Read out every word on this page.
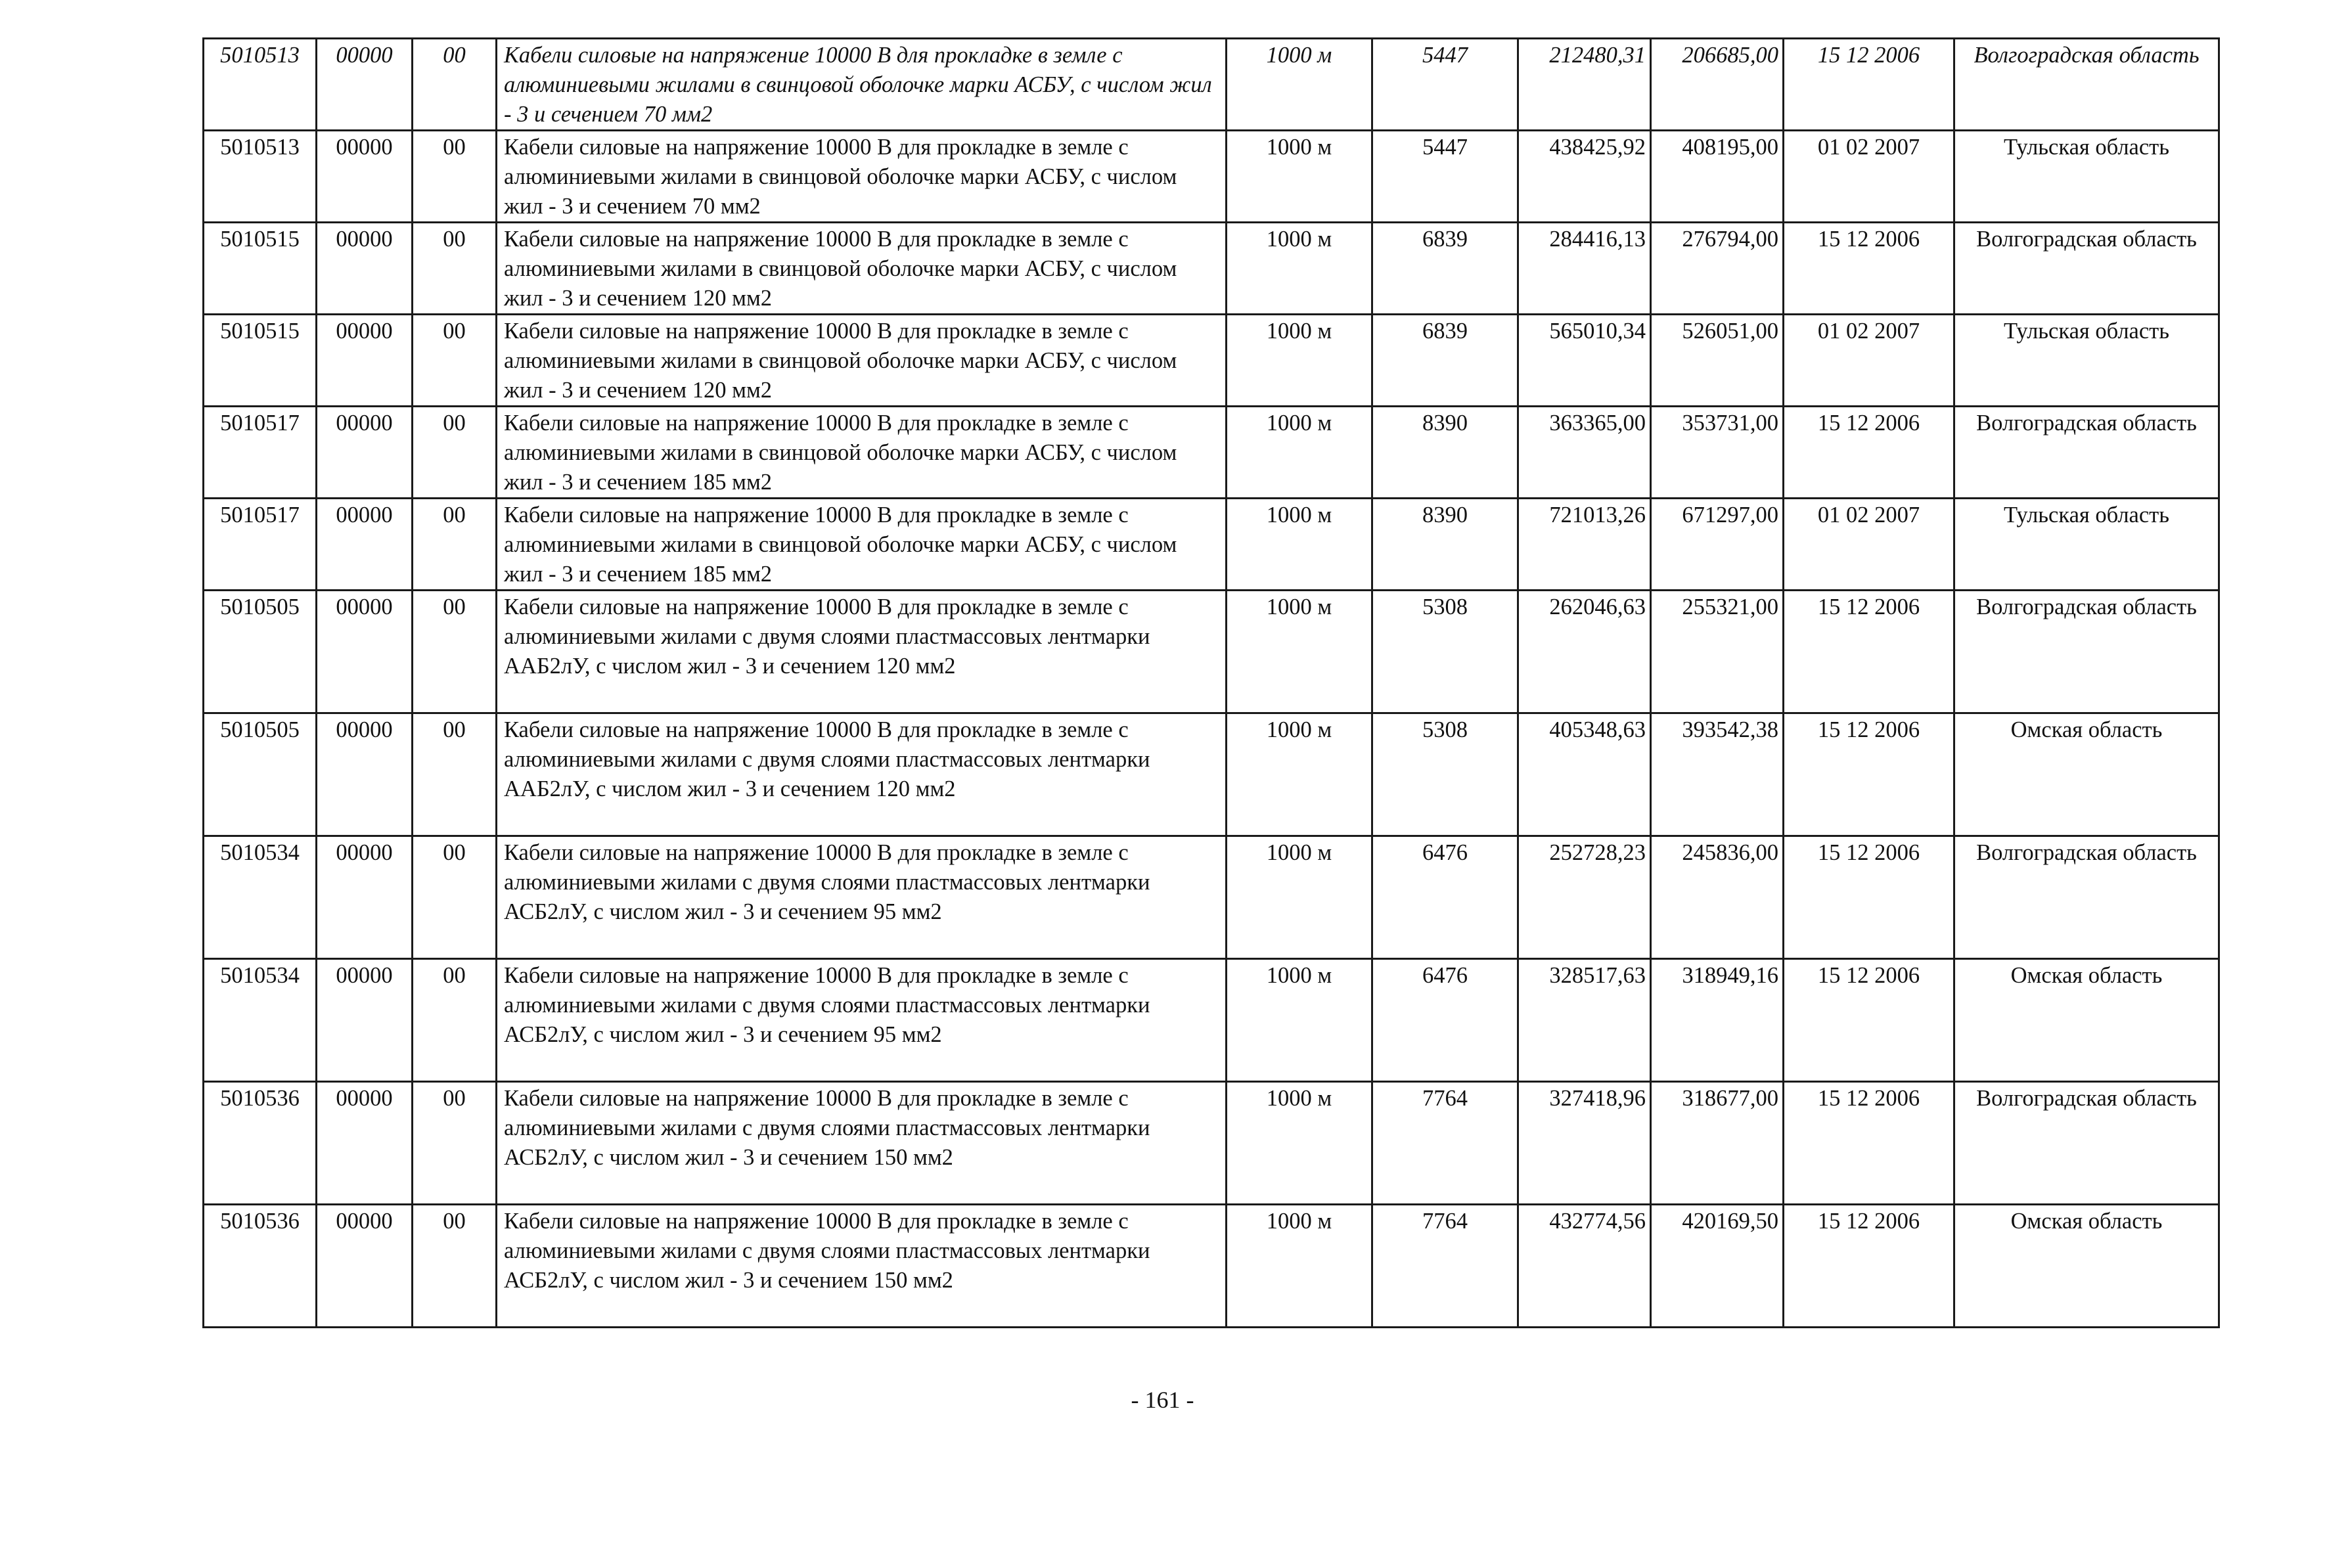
5010513	00000	00	Кабели силовые на напряжение 10000 В для прокладке в земле с алюминиевыми жилами в свинцовой оболочке марки АСБУ, с числом жил - 3 и сечением 70 мм2	1000 м	5447	212480,31	206685,00	15 12 2006	Волгоградская область
5010513	00000	00	Кабели силовые на напряжение 10000 В для прокладке в земле с алюминиевыми жилами в свинцовой оболочке марки АСБУ, с числом жил - 3 и сечением 70 мм2	1000 м	5447	438425,92	408195,00	01 02 2007	Тульская область
5010515	00000	00	Кабели силовые на напряжение 10000 В для прокладке в земле с алюминиевыми жилами в свинцовой оболочке марки АСБУ, с числом жил - 3 и сечением 120 мм2	1000 м	6839	284416,13	276794,00	15 12 2006	Волгоградская область
5010515	00000	00	Кабели силовые на напряжение 10000 В для прокладке в земле с алюминиевыми жилами в свинцовой оболочке марки АСБУ, с числом жил - 3 и сечением 120 мм2	1000 м	6839	565010,34	526051,00	01 02 2007	Тульская область
5010517	00000	00	Кабели силовые на напряжение 10000 В для прокладке в земле с алюминиевыми жилами в свинцовой оболочке марки АСБУ, с числом жил - 3 и сечением 185 мм2	1000 м	8390	363365,00	353731,00	15 12 2006	Волгоградская область
5010517	00000	00	Кабели силовые на напряжение 10000 В для прокладке в земле с алюминиевыми жилами в свинцовой оболочке марки АСБУ, с числом жил - 3 и сечением 185 мм2	1000 м	8390	721013,26	671297,00	01 02 2007	Тульская область
5010505	00000	00	Кабели силовые на напряжение 10000 В для прокладке в земле с алюминиевыми жилами с двумя слоями пластмассовых лентмарки ААБ2лУ, с числом жил - 3 и сечением 120 мм2	1000 м	5308	262046,63	255321,00	15 12 2006	Волгоградская область
5010505	00000	00	Кабели силовые на напряжение 10000 В для прокладке в земле с алюминиевыми жилами с двумя слоями пластмассовых лентмарки ААБ2лУ, с числом жил - 3 и сечением 120 мм2	1000 м	5308	405348,63	393542,38	15 12 2006	Омская область
5010534	00000	00	Кабели силовые на напряжение 10000 В для прокладке в земле с алюминиевыми жилами с двумя слоями пластмассовых лентмарки АСБ2лУ, с числом жил - 3 и сечением 95 мм2	1000 м	6476	252728,23	245836,00	15 12 2006	Волгоградская область
5010534	00000	00	Кабели силовые на напряжение 10000 В для прокладке в земле с алюминиевыми жилами с двумя слоями пластмассовых лентмарки АСБ2лУ, с числом жил - 3 и сечением 95 мм2	1000 м	6476	328517,63	318949,16	15 12 2006	Омская область
5010536	00000	00	Кабели силовые на напряжение 10000 В для прокладке в земле с алюминиевыми жилами с двумя слоями пластмассовых лентмарки АСБ2лУ, с числом жил - 3 и сечением 150 мм2	1000 м	7764	327418,96	318677,00	15 12 2006	Волгоградская область
5010536	00000	00	Кабели силовые на напряжение 10000 В для прокладке в земле с алюминиевыми жилами с двумя слоями пластмассовых лентмарки АСБ2лУ, с числом жил - 3 и сечением 150 мм2	1000 м	7764	432774,56	420169,50	15 12 2006	Омская область
- 161 -
